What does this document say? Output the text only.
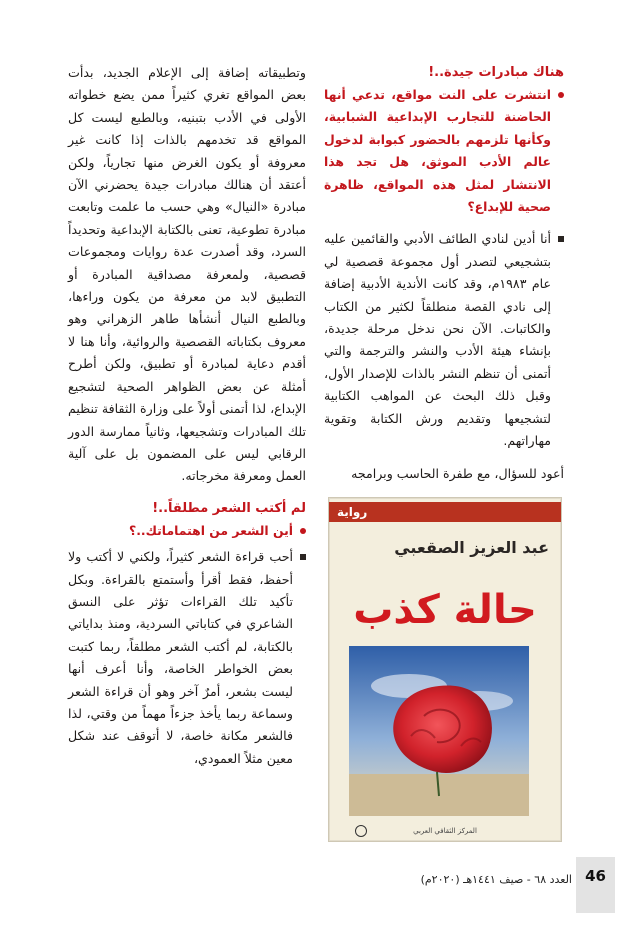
هناك مبادرات جيدة..!

انتشرت على النت مواقع، تدعي أنها الحاضنة للتجارب الإبداعية الشبابية، وكأنها تلزمهم بالحضور كبوابة لدخول عالم الأدب الموثق، هل تجد هذا الانتشار لمثل هذه المواقع، ظاهرة صحية للإبداع؟

أنا أدين لنادي الطائف الأدبي والقائمين عليه بتشجيعي لتصدر أول مجموعة قصصية لي عام ١٩٨٣م، وقد كانت الأندية الأدبية إضافة إلى نادي القصة منطلقاً لكثير من الكتاب والكاتبات. الآن نحن ندخل مرحلة جديدة، بإنشاء هيئة الأدب والنشر والترجمة والتي أتمنى أن تنظم النشر بالذات للإصدار الأول، وقبل ذلك البحث عن المواهب الكتابية لتشجيعها وتقديم ورش الكتابة وتقوية مهاراتهم.

أعود للسؤال، مع طفرة الحاسب وبرامجه

رواية
عبد العزيز الصقعبي
حالة كذب
المركز الثقافي العربي

وتطبيقاته إضافة إلى الإعلام الجديد، بدأت بعض المواقع تغري كثيراً ممن يضع خطواته الأولى في الأدب بتبنيه، وبالطبع ليست كل المواقع قد تخدمهم بالذات إذا كانت غير معروفة أو يكون الغرض منها تجارياً، ولكن أعتقد أن هنالك مبادرات جيدة يحضرني الآن مبادرة «النيال» وهي حسب ما علمت وتابعت مبادرة تطوعية، تعنى بالكتابة الإبداعية وتحديداً السرد، وقد أصدرت عدة روايات ومجموعات قصصية، ولمعرفة مصداقية المبادرة أو التطبيق لابد من معرفة من يكون وراءها، وبالطبع النيال أنشأها طاهر الزهراني وهو معروف بكتاباته القصصية والروائية، وأنا هنا لا أقدم دعاية لمبادرة أو تطبيق، ولكن أطرح أمثلة عن بعض الظواهر الصحية لتشجيع الإبداع، لذا أتمنى أولاً على وزارة الثقافة تنظيم تلك المبادرات وتشجيعها، وثانياً ممارسة الدور الرقابي ليس على المضمون بل على آلية العمل ومعرفة مخرجاته.

لم أكتب الشعر مطلقاً..!

أين الشعر من اهتماماتك..؟

أحب قراءة الشعر كثيراً، ولكني لا أكتب ولا أحفظ، فقط أقرأ وأستمتع بالقراءة. وبكل تأكيد تلك القراءات تؤثر على النسق الشاعري في كتاباتي السردية، ومنذ بداياتي بالكتابة، لم أكتب الشعر مطلقاً، ربما كتبت بعض الخواطر الخاصة، وأنا أعرف أنها ليست بشعر، أمرٌ آخر وهو أن قراءة الشعر وسماعة ربما يأخذ جزءاً مهماً من وقتي، لذا فالشعر مكانة خاصة، لا أتوقف عند شكل معين مثلاً العمودي،

العدد ٦٨ - صيف ١٤٤١هـ (٢٠٢٠م) 46
